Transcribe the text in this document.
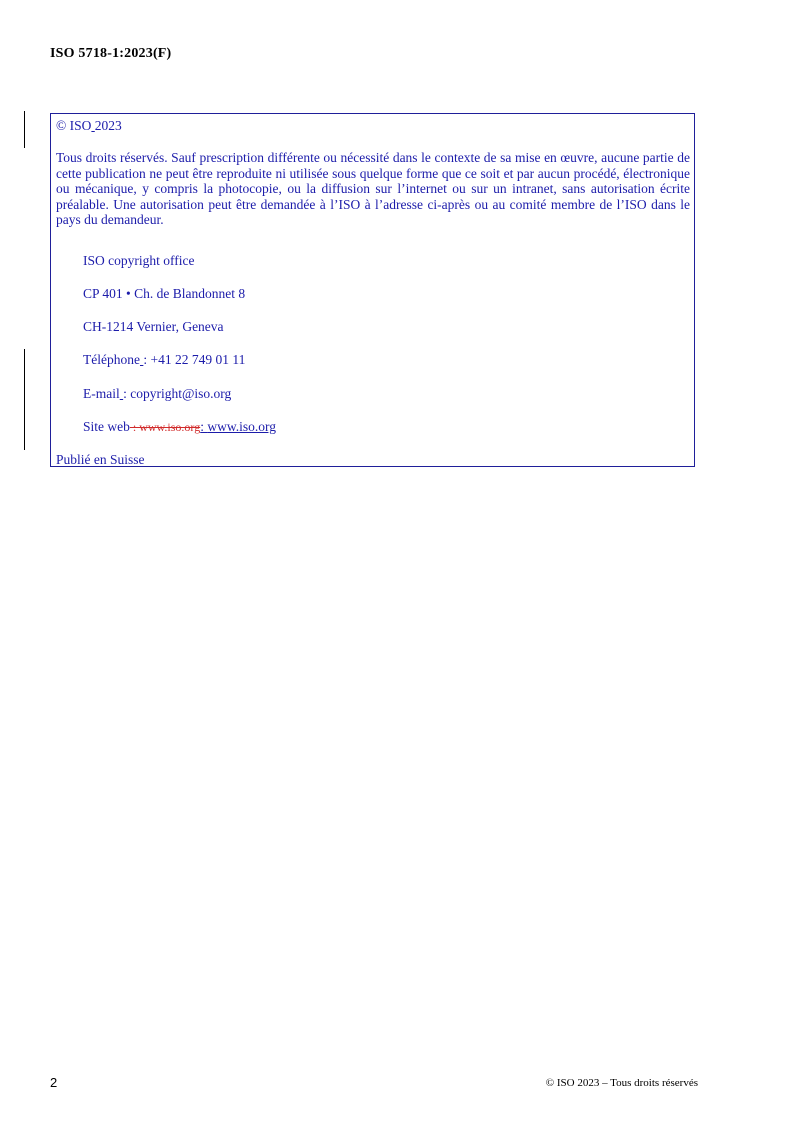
ISO 5718-1:2023(F)
© ISO 2023

Tous droits réservés. Sauf prescription différente ou nécessité dans le contexte de sa mise en œuvre, aucune partie de cette publication ne peut être reproduite ni utilisée sous quelque forme que ce soit et par aucun procédé, électronique ou mécanique, y compris la photocopie, ou la diffusion sur l’internet ou sur un intranet, sans autorisation écrite préalable. Une autorisation peut être demandée à l’ISO à l’adresse ci-après ou au comité membre de l’ISO dans le pays du demandeur.

ISO copyright office
CP 401 • Ch. de Blandonnet 8
CH-1214 Vernier, Geneva
Téléphone : +41 22 749 01 11
E-mail : copyright@iso.org
Site web : www.iso.org: www.iso.org
Publié en Suisse
2	© ISO 2023 – Tous droits réservés
